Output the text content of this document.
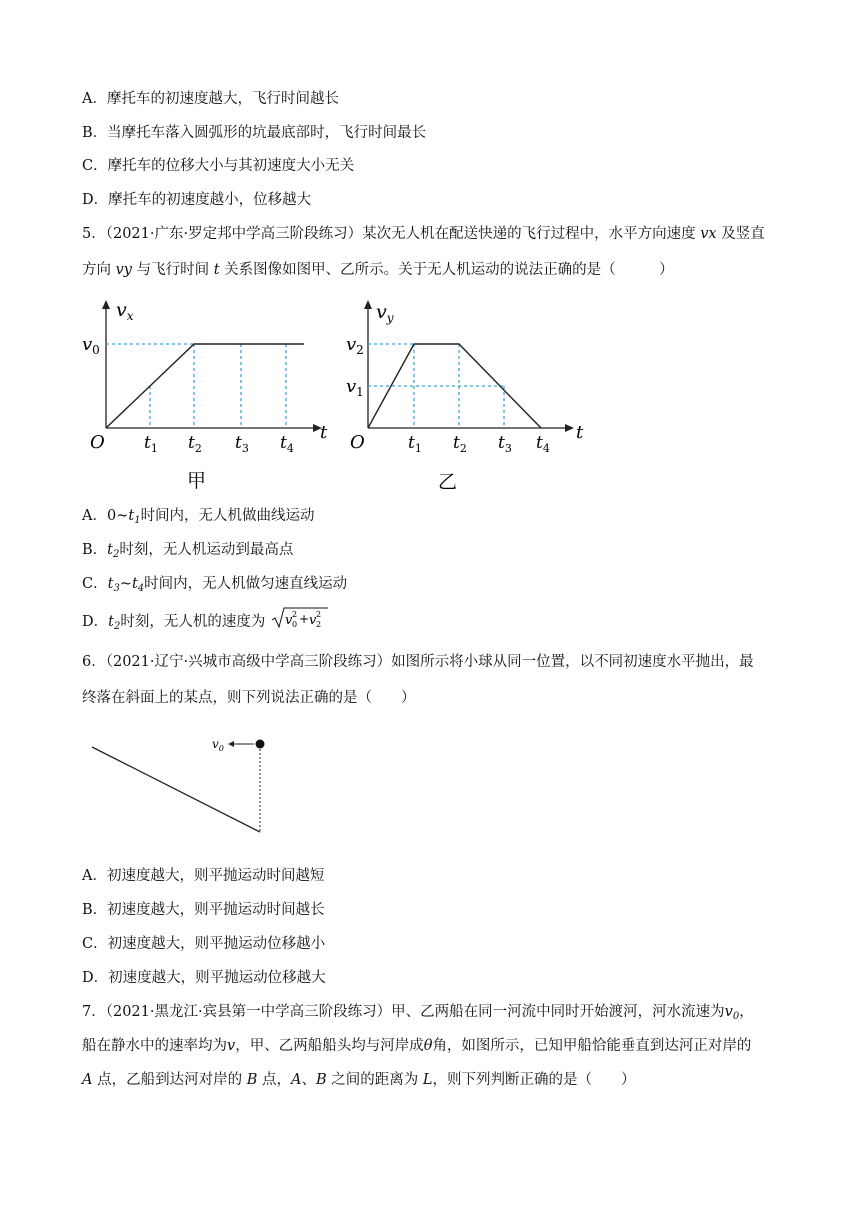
A．摩托车的初速度越大，飞行时间越长
B．当摩托车落入圆弧形的坑最底部时，飞行时间最长
C．摩托车的位移大小与其初速度大小无关
D．摩托车的初速度越小，位移越大
5．（2021·广东·罗定邦中学高三阶段练习）某次无人机在配送快递的飞行过程中，水平方向速度 vx 及竖直
方向 vy 与飞行时间 t 关系图像如图甲、乙所示。关于无人机运动的说法正确的是（　　　）
$v_x$
$v_0$
O	t
$t_1$ $t_2$ $t_3$ $t_4$
甲
$v_y$
$v_2$
$v_1$
O	t
$t_1$ $t_2$ $t_3$ $t_4$
乙
A．$0\sim t_1$时间内，无人机做曲线运动
B．$t_2$时刻，无人机运动到最高点
C．$t_3\sim t_4$时间内，无人机做匀速直线运动
D．$t_2$时刻，无人机的速度为 v 0
2 + v 2
2
6．（2021·辽宁·兴城市高级中学高三阶段练习）如图所示将小球从同一位置，以不同初速度水平抛出，最
终落在斜面上的某点，则下列说法正确的是（　　）
$v_0$
A．初速度越大，则平抛运动时间越短
B．初速度越大，则平抛运动时间越长
C．初速度越大，则平抛运动位移越小
D．初速度越大，则平抛运动位移越大
7．（2021·黑龙江·宾县第一中学高三阶段练习）甲、乙两船在同一河流中同时开始渡河，河水流速为$v_0$，
船在静水中的速率均为v，甲、乙两船船头均与河岸成θ角，如图所示，已知甲船恰能垂直到达河正对岸的
A 点，乙船到达河对岸的 B 点，A、B 之间的距离为 L，则下列判断正确的是（　　）
